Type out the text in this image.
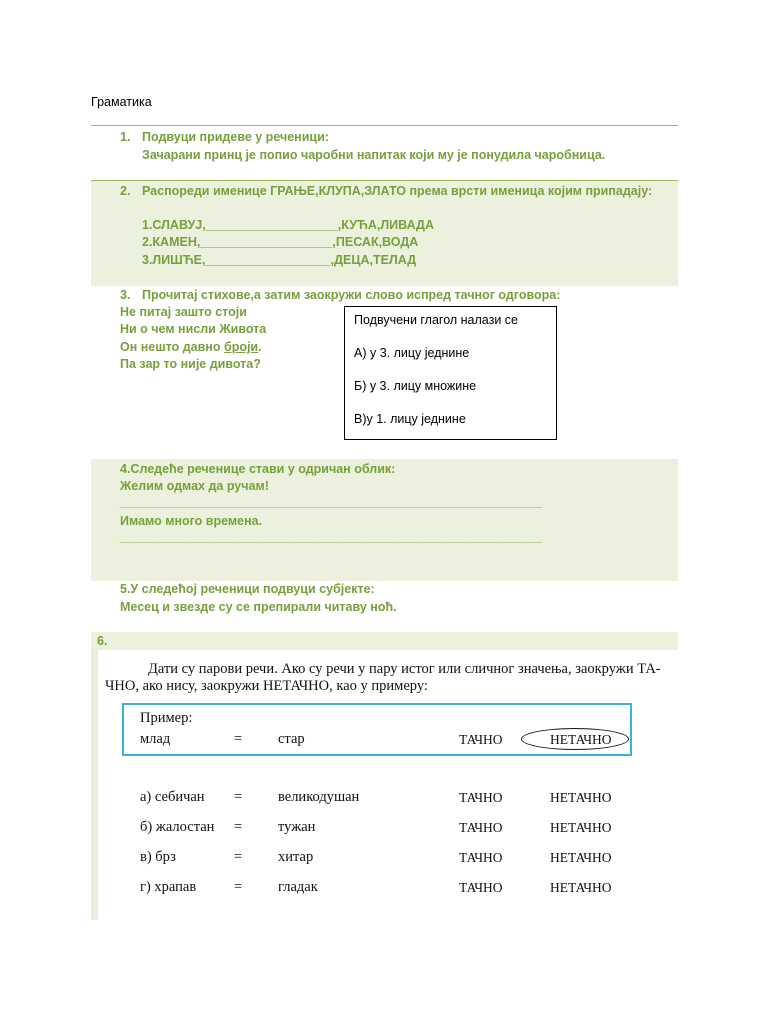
Граматика
1. Подвуци придеве у реченици:
Зачарани принц је попио чаробни напитак који му је понудила чаробница.
2. Распореди именице ГРАЊЕ,КЛУПА,ЗЛАТО према врсти именица којим припадају:
1.СЛАВУЈ,___________________,КУЋА,ЛИВАДА
2.КАМЕН,___________________,ПЕСАК,ВОДА
3.ЛИШЋЕ,__________________,ДЕЦА,ТЕЛАД
3. Прочитај стихове,а затим заокружи слово испред тачног одговора:
Не питај зашто стоји
Ни о чем нисли Живота
Он нешто давно броји.
Па зар то није дивота?
Подвучени глагол налази се
А) у 3. лицу једнине
Б) у 3. лицу множине
В)у 1. лицу једнине
4.Следеће реченице стави у одричан облик:
Желим одмах да ручам!
_____________________________________________________________________
Имамо много времена.
_____________________________________________________________________
5.У следећој реченици подвуци субјекте:
Месец и звезде су се препирали читаву ноћ.
6.
Дати су парови речи. Ако су речи у пару истог или сличног значења, заокружи ТА-
ЧНО, ако нису, заокружи НЕТАЧНО, као у примеру:
Пример:
млад	= стар	ТАЧНО	НЕТАЧНО
а) себичан = великодушан	ТАЧНО	НЕТАЧНО
б) жалостан = тужан	ТАЧНО	НЕТАЧНО
в) брз	= хитар	ТАЧНО	НЕТАЧНО
г) храпав	= гладак	ТАЧНО	НЕТАЧНО
